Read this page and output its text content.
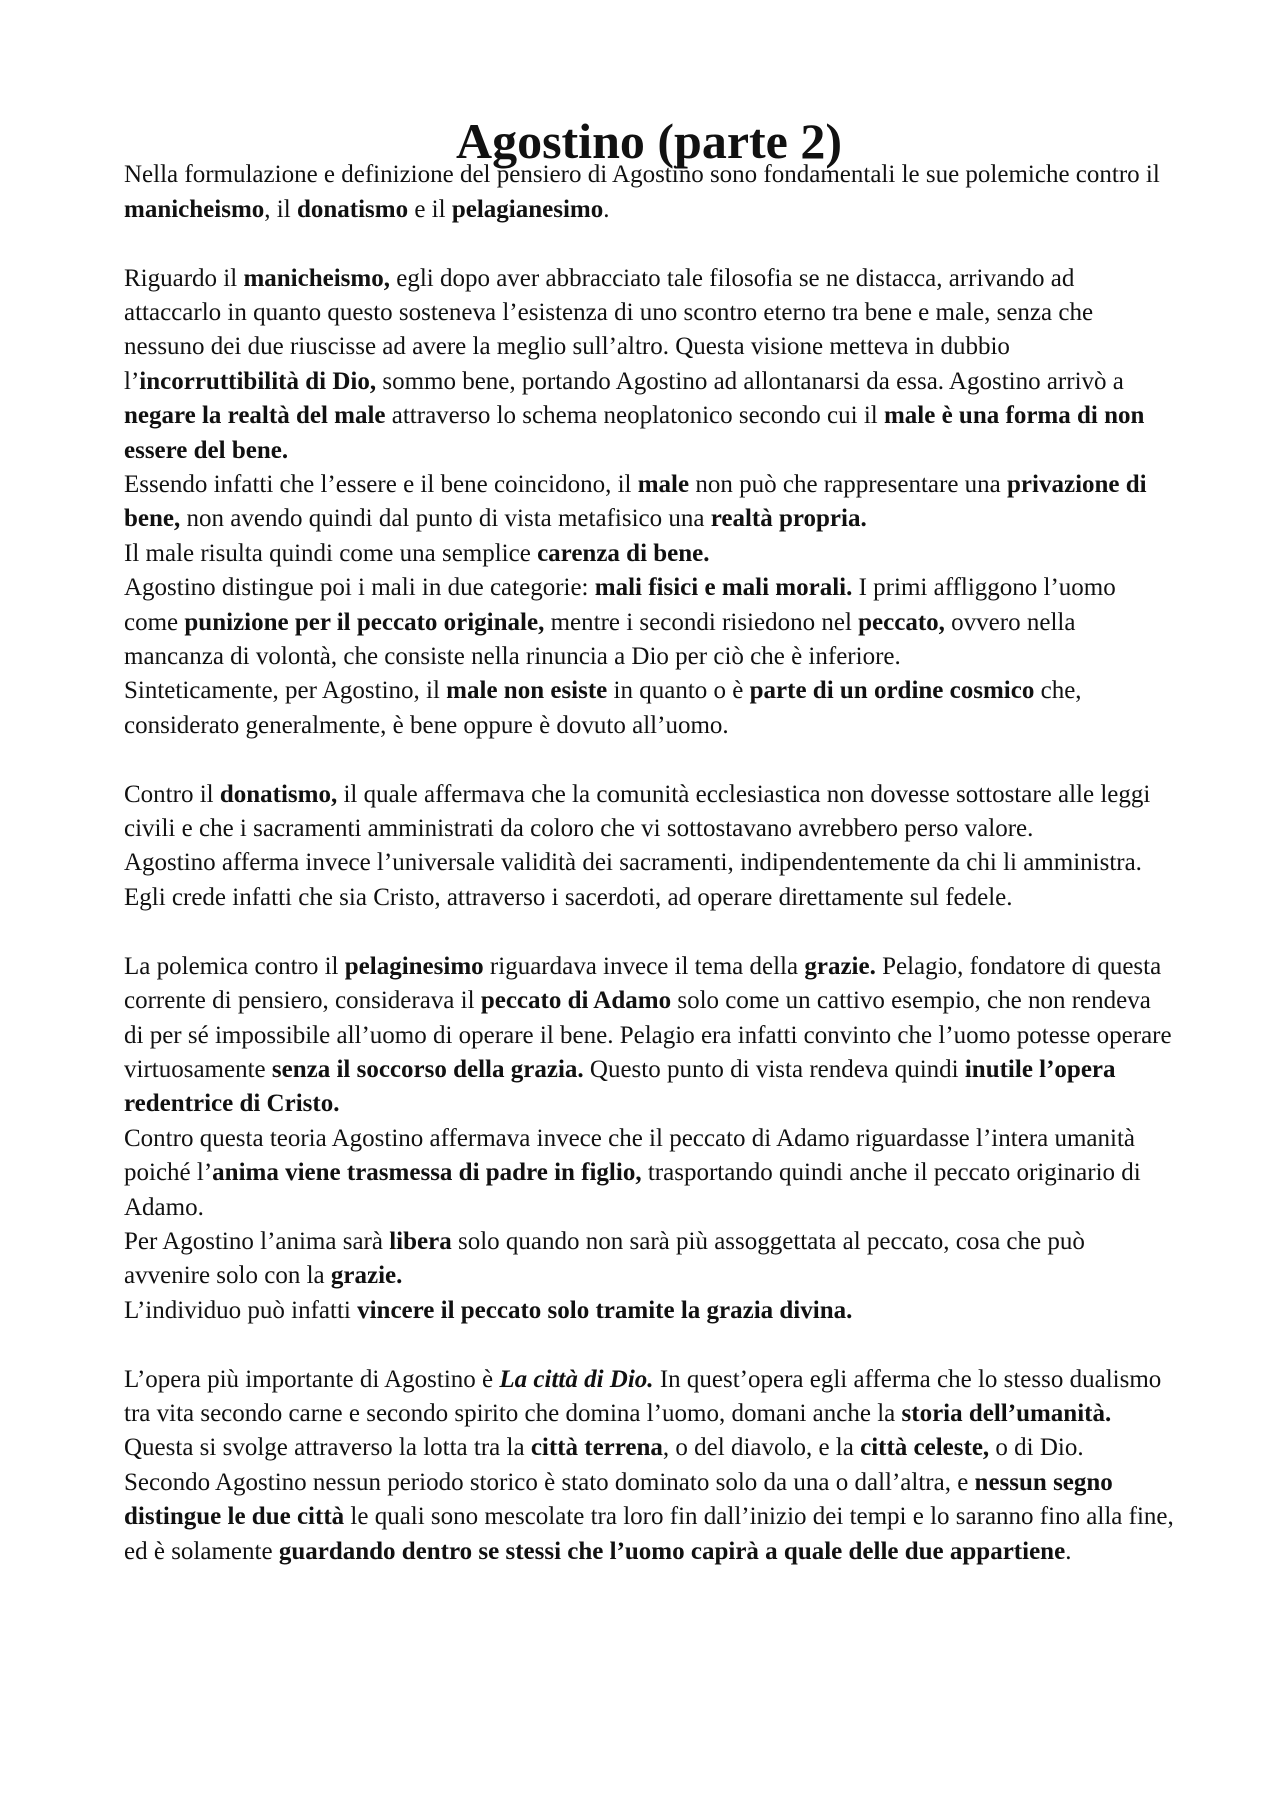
Agostino (parte 2)

Nella formulazione e definizione del pensiero di Agostino sono fondamentali le sue polemiche contro il manicheismo, il donatismo e il pelagianesimo.

Riguardo il manicheismo, egli dopo aver abbracciato tale filosofia se ne distacca, arrivando ad attaccarlo in quanto questo sosteneva l’esistenza di uno scontro eterno tra bene e male, senza che nessuno dei due riuscisse ad avere la meglio sull’altro. Questa visione metteva in dubbio l’incorruttibilità di Dio, sommo bene, portando Agostino ad allontanarsi da essa. Agostino arrivò a negare la realtà del male attraverso lo schema neoplatonico secondo cui il male è una forma di non essere del bene.

Essendo infatti che l’essere e il bene coincidono, il male non può che rappresentare una privazione di bene, non avendo quindi dal punto di vista metafisico una realtà propria.

Il male risulta quindi come una semplice carenza di bene.

Agostino distingue poi i mali in due categorie: mali fisici e mali morali. I primi affliggono l’uomo come punizione per il peccato originale, mentre i secondi risiedono nel peccato, ovvero nella mancanza di volontà, che consiste nella rinuncia a Dio per ciò che è inferiore.

Sinteticamente, per Agostino, il male non esiste in quanto o è parte di un ordine cosmico che, considerato generalmente, è bene oppure è dovuto all’uomo.

Contro il donatismo, il quale affermava che la comunità ecclesiastica non dovesse sottostare alle leggi civili e che i sacramenti amministrati da coloro che vi sottostavano avrebbero perso valore.

Agostino afferma invece l’universale validità dei sacramenti, indipendentemente da chi li amministra. Egli crede infatti che sia Cristo, attraverso i sacerdoti, ad operare direttamente sul fedele.

La polemica contro il pelaginesimo riguardava invece il tema della grazie. Pelagio, fondatore di questa corrente di pensiero, considerava il peccato di Adamo solo come un cattivo esempio, che non rendeva di per sé impossibile all’uomo di operare il bene. Pelagio era infatti convinto che l’uomo potesse operare virtuosamente senza il soccorso della grazia. Questo punto di vista rendeva quindi inutile l’opera redentrice di Cristo.

Contro questa teoria Agostino affermava invece che il peccato di Adamo riguardasse l’intera umanità poiché l’anima viene trasmessa di padre in figlio, trasportando quindi anche il peccato originario di Adamo.

Per Agostino l’anima sarà libera solo quando non sarà più assoggettata al peccato, cosa che può avvenire solo con la grazie.

L’individuo può infatti vincere il peccato solo tramite la grazia divina.

L’opera più importante di Agostino è La città di Dio. In quest’opera egli afferma che lo stesso dualismo tra vita secondo carne e secondo spirito che domina l’uomo, domani anche la storia dell’umanità. Questa si svolge attraverso la lotta tra la città terrena, o del diavolo, e la città celeste, o di Dio. Secondo Agostino nessun periodo storico è stato dominato solo da una o dall’altra, e nessun segno distingue le due città le quali sono mescolate tra loro fin dall’inizio dei tempi e lo saranno fino alla fine, ed è solamente guardando dentro se stessi che l’uomo capirà a quale delle due appartiene.
